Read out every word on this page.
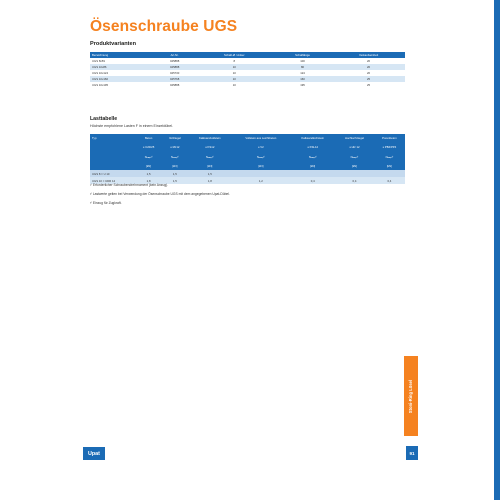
Ösenschraube UGS
Produktvarianten
Bezeichnung	Art.Nr.	Schaft-Ø / Anker	Schaftlänge	Verkaufseinheit
UGS 8x59	045888	8	100	20
UGS 10x86	045888	10	80	20
UGS 10x124	045730	10	124	20
UGS 10x160	045768	10	160	25
UGS 10x195	045888	10	195	25
Lasttabelle
Höchste empfohlene Lasten F in einem Einzeldübel.
Typ	Beton	Vollziegel	Kalksandvollstein	Vollstein aus Leichtbeton	Kalksandlochstein	Hochlochziegel	Porenbeton
	≥ C20/25	≥ Mz12	≥ KS12	≥ V2	≥ KSL12	≥ Hlz 12	≥ PB4/PP4
	Nₑₘₚ²⁾	Nₑₘₚ²⁾	Nₑₘₚ²⁾	Nₑₘₚ²⁾	Nₑₘₚ²⁾	Nₑₘₚ²⁾	Nₑₘₚ²⁾
	[kN]	[kN]	[kN]	[kN]	[kN]	[kN]	[kN]
UGS 8 = U 10	1,5	1,5	1,5				
UGS 10 = UDR 14	1,8	1,5	1,8	1,2	0,4	0,4	0,4
¹⁾ Erforderlicher Schraubendrehmoment (kein Anzug).
²⁾ Lastwerte gelten bei Verwendung der Ösenschraube UGS mit dem angegebenen Upat-Dübel.
³⁾ Einzug für Zugkraft.
Stoni-Ring Lösel
91
Upat
